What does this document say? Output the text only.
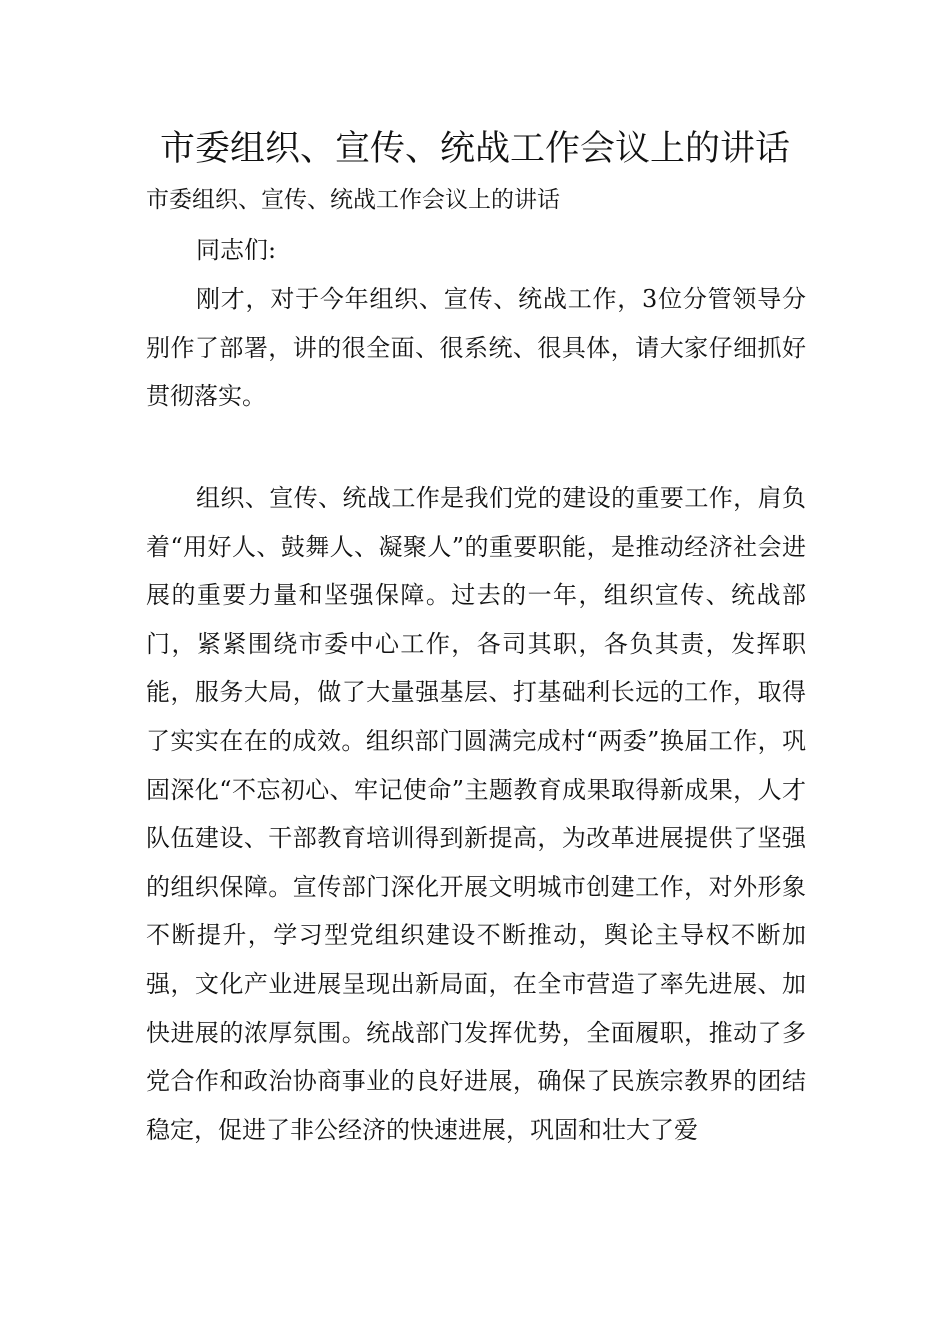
市委组织、宣传、统战工作会议上的讲话

市委组织、宣传、统战工作会议上的讲话

同志们:

刚才，对于今年组织、宣传、统战工作，3位分管领导分别作了部署，讲的很全面、很系统、很具体，请大家仔细抓好贯彻落实。

组织、宣传、统战工作是我们党的建设的重要工作，肩负着“用好人、鼓舞人、凝聚人”的重要职能，是推动经济社会进展的重要力量和坚强保障。过去的一年，组织宣传、统战部门，紧紧围绕市委中心工作，各司其职，各负其责，发挥职能，服务大局，做了大量强基层、打基础利长远的工作，取得了实实在在的成效。组织部门圆满完成村“两委”换届工作，巩固深化“不忘初心、牢记使命”主题教育成果取得新成果，人才队伍建设、干部教育培训得到新提高，为改革进展提供了坚强的组织保障。宣传部门深化开展文明城市创建工作，对外形象不断提升，学习型党组织建设不断推动，舆论主导权不断加强，文化产业进展呈现出新局面，在全市营造了率先进展、加快进展的浓厚氛围。统战部门发挥优势，全面履职，推动了多党合作和政治协商事业的良好进展，确保了民族宗教界的团结稳定，促进了非公经济的快速进展，巩固和壮大了爱
